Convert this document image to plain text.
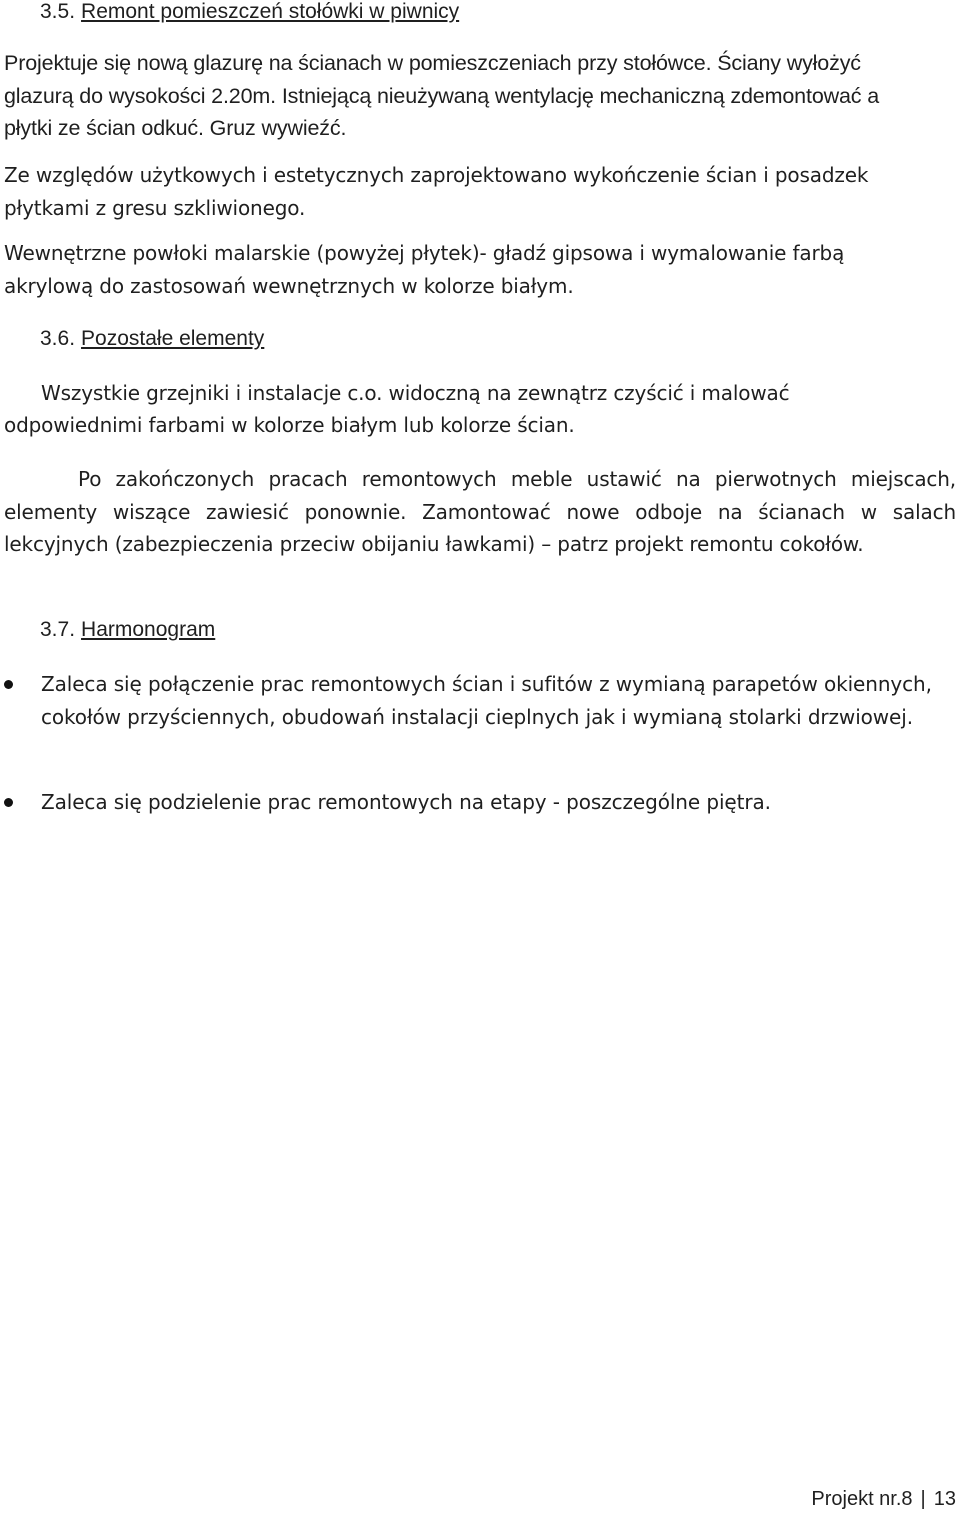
3.5. Remont pomieszczeń stołówki w piwnicy
Projektuje się nową glazurę na ścianach w pomieszczeniach przy stołówce. Ściany wyłożyć glazurą do wysokości 2.20m. Istniejącą nieużywaną wentylację mechaniczną zdemontować a płytki ze ścian odkuć. Gruz wywieźć.
Ze względów użytkowych i estetycznych zaprojektowano wykończenie ścian i posadzek płytkami z gresu szkliwionego.
Wewnętrzne powłoki malarskie (powyżej płytek)- gładź gipsowa i wymalowanie farbą akrylową do zastosowań wewnętrznych w kolorze białym.
3.6. Pozostałe elementy
Wszystkie grzejniki i instalacje c.o. widoczną na zewnątrz czyścić i malować
odpowiednimi farbami w kolorze białym lub kolorze ścian.
Po zakończonych pracach remontowych meble ustawić na pierwotnych miejscach, elementy wiszące zawiesić ponownie. Zamontować nowe odboje na ścianach w salach lekcyjnych (zabezpieczenia przeciw obijaniu ławkami) – patrz projekt remontu cokołów.
3.7. Harmonogram
Zaleca się połączenie prac remontowych ścian i sufitów z wymianą parapetów okiennych, cokołów przyściennych, obudowań instalacji cieplnych jak i wymianą stolarki drzwiowej.
Zaleca się podzielenie prac remontowych na etapy - poszczególne piętra.
Projekt nr.8 | 13
